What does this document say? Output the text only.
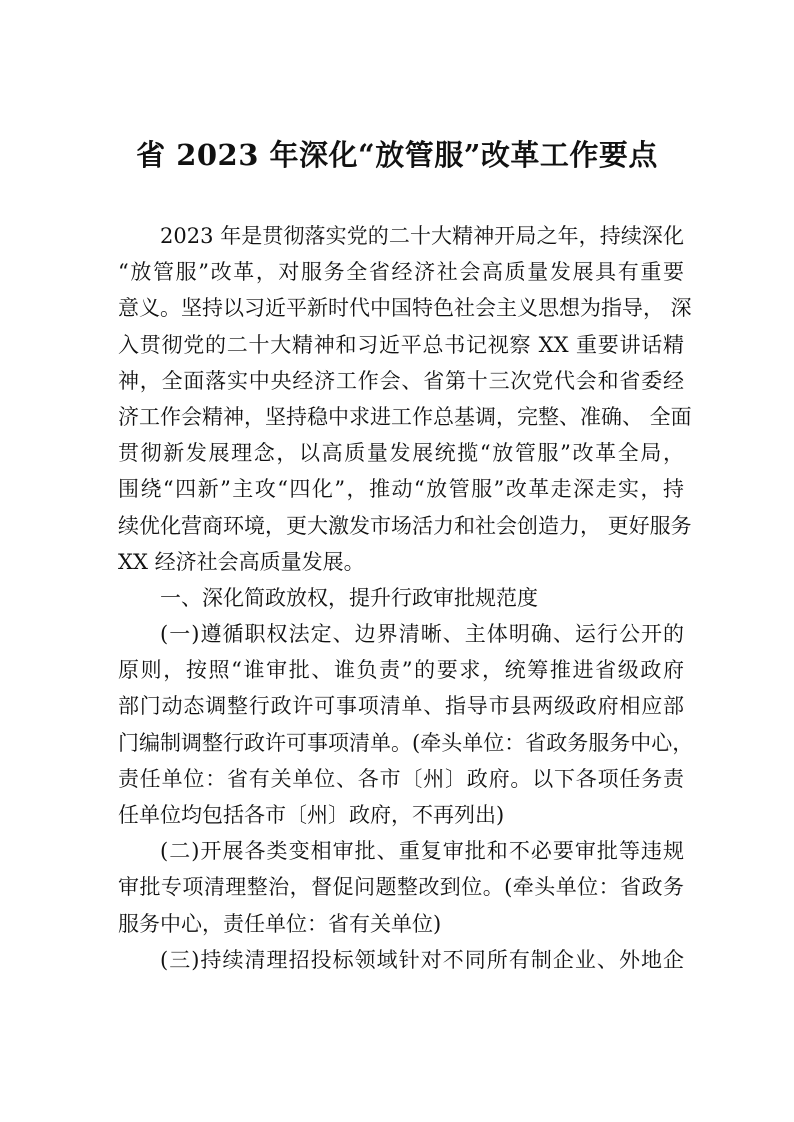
省 2023 年深化“放管服”改革工作要点
2023 年是贯彻落实党的二十大精神开局之年，持续深化
“放管服”改革，对服务全省经济社会高质量发展具有重要
意义。坚持以习近平新时代中国特色社会主义思想为指导， 深
入贯彻党的二十大精神和习近平总书记视察 XX 重要讲话精
神，全面落实中央经济工作会、省第十三次党代会和省委经
济工作会精神，坚持稳中求进工作总基调，完整、准确、 全面
贯彻新发展理念，以高质量发展统揽“放管服”改革全局，
围绕“四新”主攻“四化”，推动“放管服”改革走深走实，持
续优化营商环境，更大激发市场活力和社会创造力， 更好服务
XX 经济社会高质量发展。
一、深化简政放权，提升行政审批规范度
(一)遵循职权法定、边界清晰、主体明确、运行公开的
原则，按照“谁审批、谁负责”的要求，统筹推进省级政府
部门动态调整行政许可事项清单、指导市县两级政府相应部
门编制调整行政许可事项清单。(牵头单位：省政务服务中心，
责任单位：省有关单位、各市〔州〕政府。以下各项任务责
任单位均包括各市〔州〕政府，不再列出)
(二)开展各类变相审批、重复审批和不必要审批等违规
审批专项清理整治，督促问题整改到位。(牵头单位：省政务
服务中心，责任单位：省有关单位)
(三)持续清理招投标领域针对不同所有制企业、外地企
